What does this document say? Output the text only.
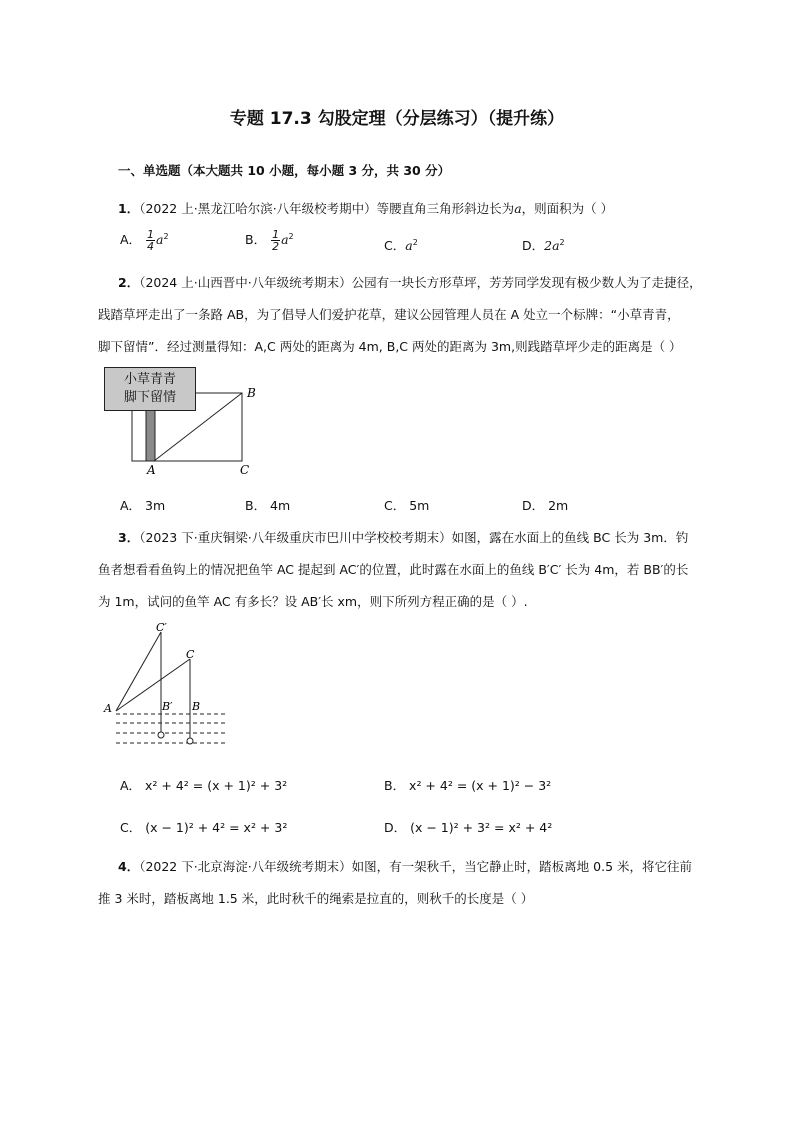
专题 17.3 勾股定理（分层练习）（提升练）
一、单选题（本大题共 10 小题，每小题 3 分，共 30 分）
1．（2022 上·黑龙江哈尔滨·八年级校考期中）等腰直角三角形斜边长为a，则面积为（ ）
A． $\frac{1}{4} a^2$	B． $\frac{1}{2} a^2$
C．$a^2$	D．$2a^2$
2．（2024 上·山西晋中·八年级统考期末）公园有一块长方形草坪，芳芳同学发现有极少数人为了走捷径，
践踏草坪走出了一条路 AB，为了倡导人们爱护花草，建议公园管理人员在 A 处立一个标牌：“小草青青，
脚下留情”．经过测量得知：A,C 两处的距离为 4m, B,C 两处的距离为 3m,则践踏草坪少走的距离是（ ）
A
B
C
小草青青
脚下留情
A． 3m	B． 4m	C． 5m	D． 2m
3．（2023 下·重庆铜梁·八年级重庆市巴川中学校校考期末）如图，露在水面上的鱼线 BC 长为 3m．钓
鱼者想看看鱼钩上的情况把鱼竿 AC 提起到 AC′的位置，此时露在水面上的鱼线 B′C′ 长为 4m，若 BB′的长
为 1m，试问的鱼竿 AC 有多长？设 AB′长 xm，则下所列方程正确的是（ ）.
A
C′
C
B′ B
A． x² + 4² = (x + 1)² + 3²	B． x² + 4² = (x + 1)² − 3²
C． (x − 1)² + 4² = x² + 3²	D． (x − 1)² + 3² = x² + 4²
4．（2022 下·北京海淀·八年级统考期末）如图，有一架秋千，当它静止时，踏板离地 0.5 米，将它往前
推 3 米时，踏板离地 1.5 米，此时秋千的绳索是拉直的，则秋千的长度是（ ）
